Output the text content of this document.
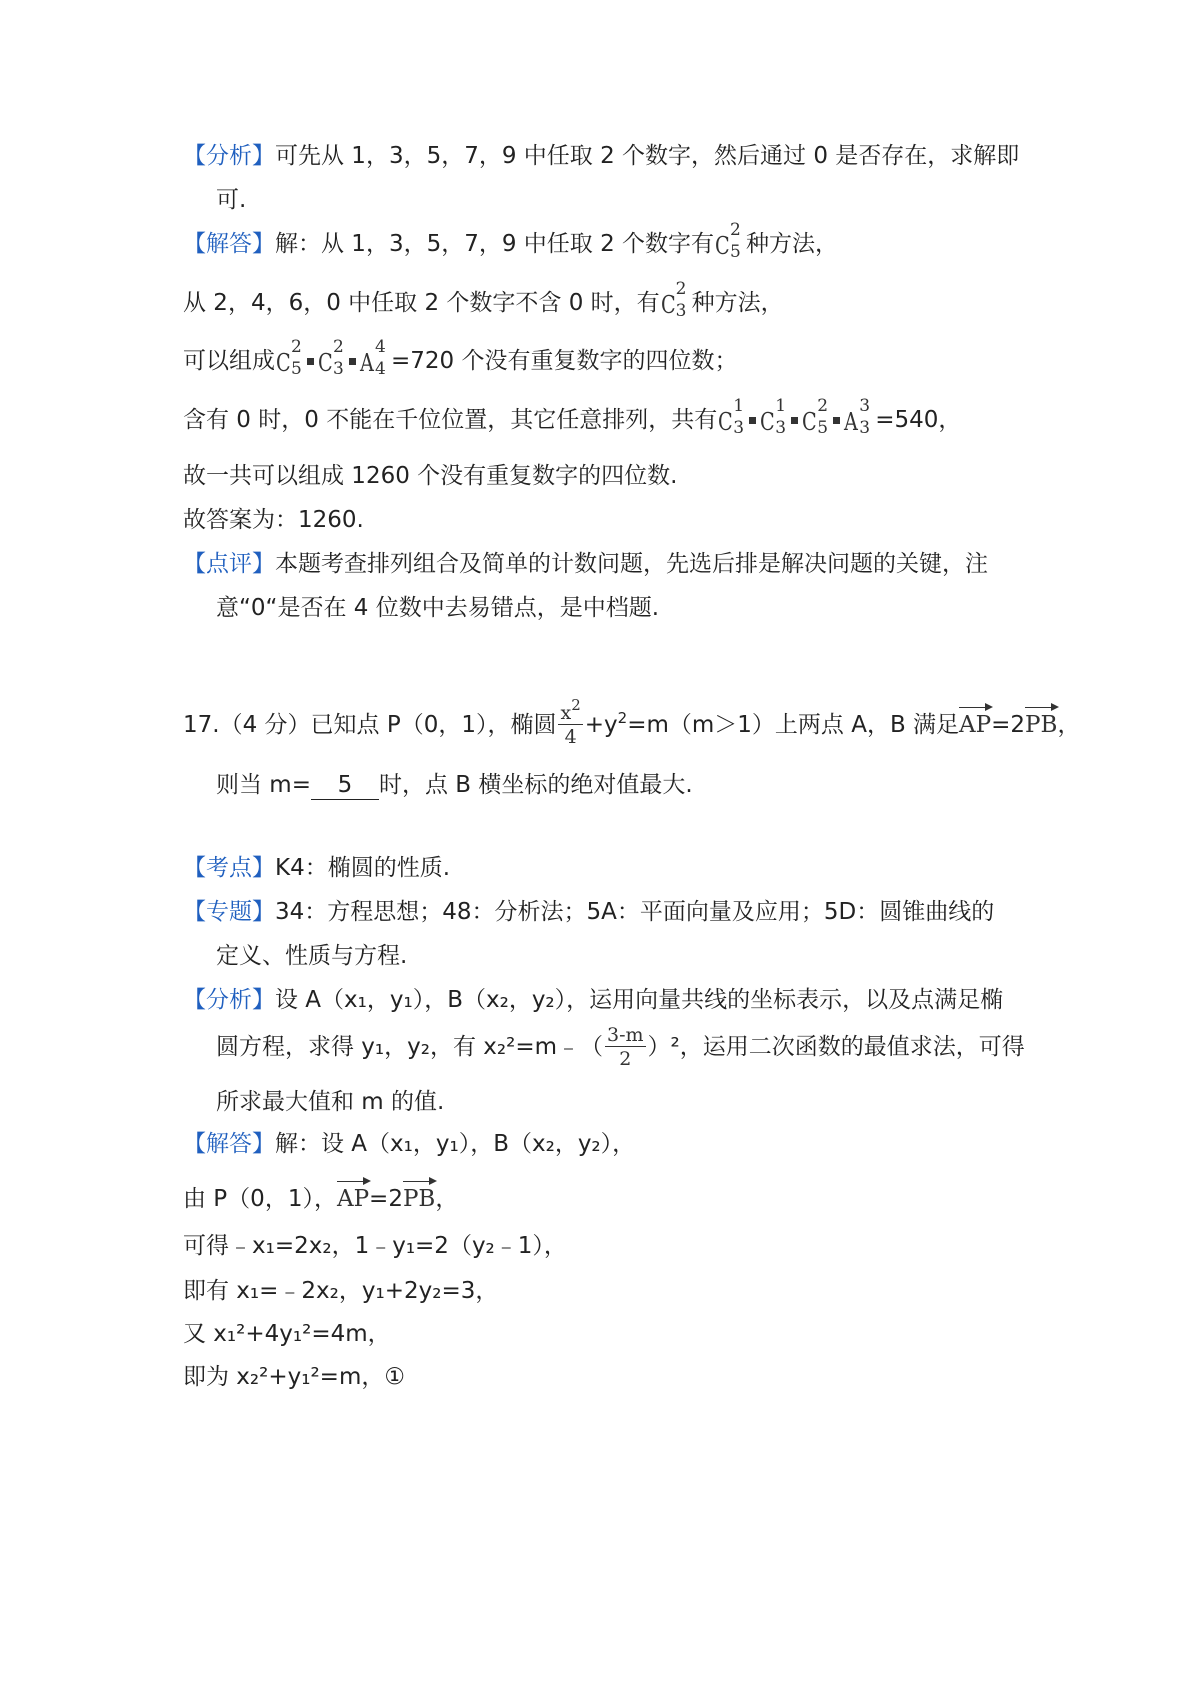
【分析】可先从 1，3，5，7，9 中任取 2 个数字，然后通过 0 是否存在，求解即
可.
【解答】解：从 1，3，5，7，9 中任取 2 个数字有 C
2
5 种方法，
从 2，4，6，0 中任取 2 个数字不含 0 时，有 C
2
3 种方法，
可以组成 C
2
5 C
2
3 A
4
4 =720 个没有重复数字的四位数；
含有 0 时，0 不能在千位位置，其它任意排列，共有 C
1
3 C
1
3 C
2
5 A
3
3 =540，
故一共可以组成 1260 个没有重复数字的四位数.
故答案为：1260.
【点评】本题考查排列组合及简单的计数问题，先选后排是解决问题的关键，注
意“0“是否在 4 位数中去易错点，是中档题.
17.（4 分）已知点 P（0，1），椭圆 $\frac{x^2}{4} +y^2=m(m>1)$上两点 A，B 满足
AP=2
PB，
则当 m= 5 时，点 B 横坐标的绝对值最大.
【考点】K4：椭圆的性质.
【专题】34：方程思想；48：分析法；5A：平面向量及应用；5D：圆锥曲线的
定义、性质与方程.
【分析】设 A（x₁，y₁），B（x₂，y₂），运用向量共线的坐标表示，以及点满足椭
圆方程，求得 y₁，y₂，有 x₂²=m﹣（ $\frac{3-m}{2} )^2$，运用二次函数的最值求法，可得
所求最大值和 m 的值.
【解答】解：设 A（x₁，y₁），B（x₂，y₂），
由 P（0，1），
AP=2
PB，
可得﹣x₁=2x₂，1﹣y₁=2（y₂﹣1），
即有 x₁=﹣2x₂，y₁+2y₂=3，
又 x₁²+4y₁²=4m，
即为 x₂²+y₁²=m，①
